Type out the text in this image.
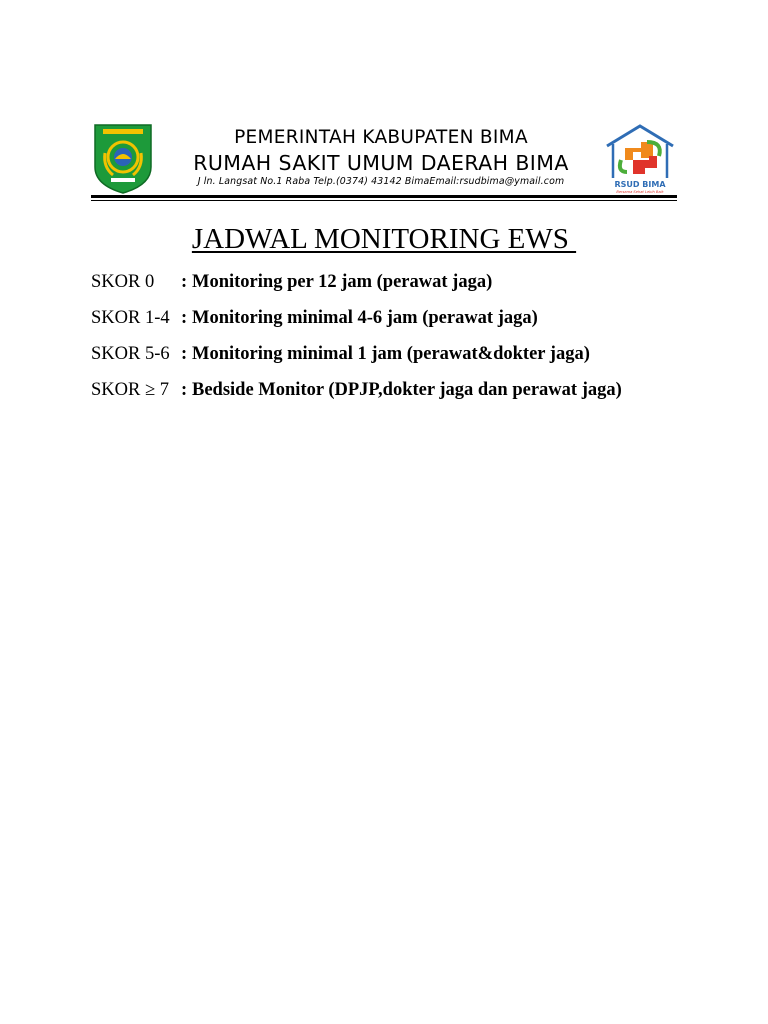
PEMERINTAH KABUPATEN BIMA
RUMAH SAKIT UMUM DAERAH BIMA
J ln. Langsat No.1 Raba Telp.(0374) 43142 BimaEmail:rsudbima@ymail.com	RSUD BIMA
Bersama Sehat Lebih Baik
JADWAL MONITORING EWS
SKOR 0 : Monitoring per 12 jam (perawat jaga)
SKOR 1-4 : Monitoring minimal 4-6 jam (perawat jaga)
SKOR 5-6 : Monitoring minimal 1 jam (perawat&dokter jaga)
SKOR ≥ 7 : Bedside Monitor (DPJP,dokter jaga dan perawat jaga)
